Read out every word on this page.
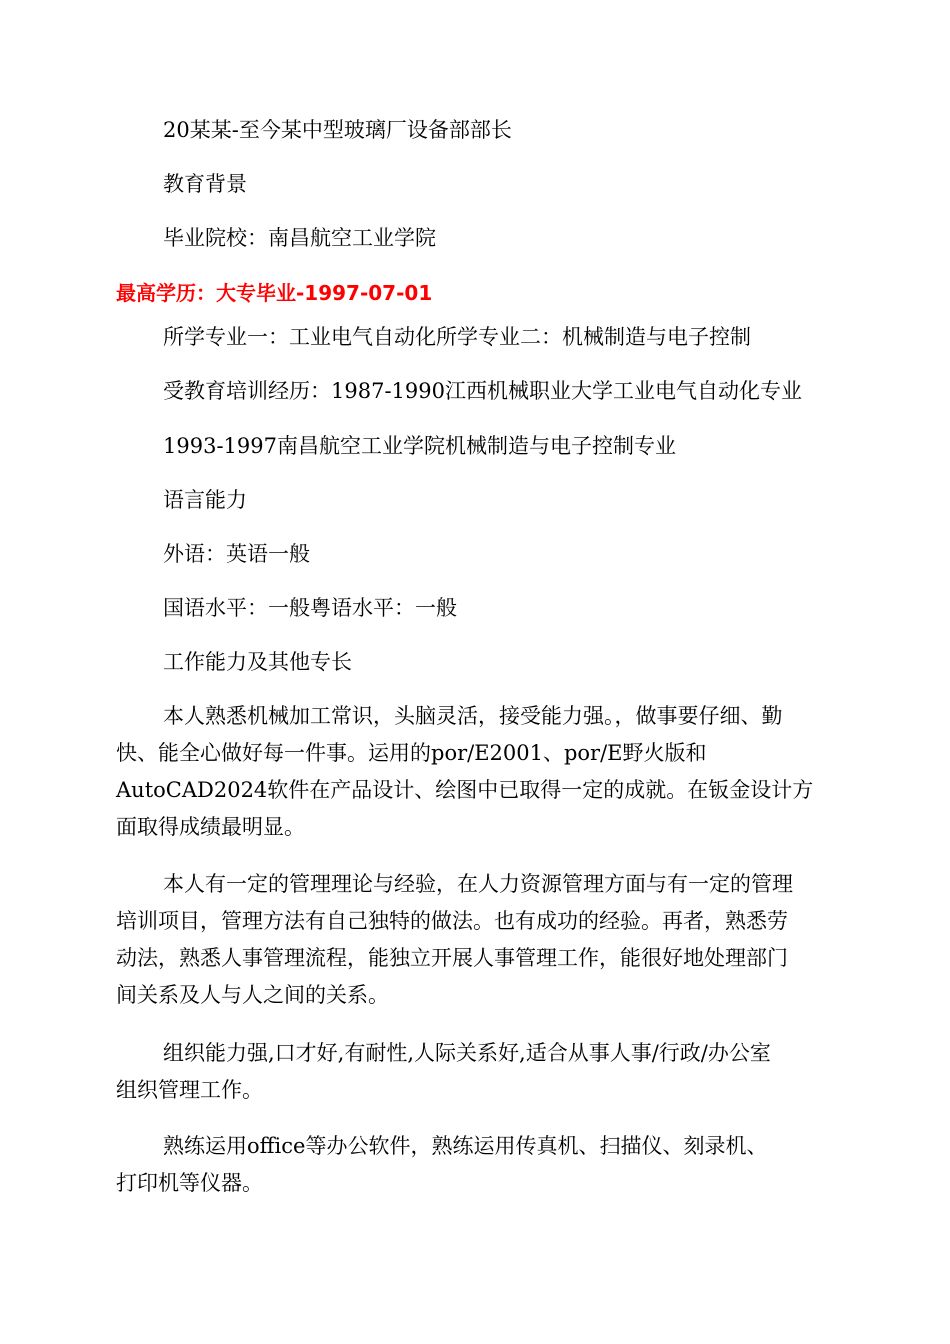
20某某-至今某中型玻璃厂设备部部长
教育背景
毕业院校：南昌航空工业学院
最高学历：大专毕业-1997-07-01
所学专业一：工业电气自动化所学专业二：机械制造与电子控制
受教育培训经历：1987-1990江西机械职业大学工业电气自动化专业
1993-1997南昌航空工业学院机械制造与电子控制专业
语言能力
外语：英语一般
国语水平：一般粤语水平：一般
工作能力及其他专长
本人熟悉机械加工常识，头脑灵活，接受能力强。，做事要仔细、勤
快、能全心做好每一件事。运用的por/E2001、por/E野火版和
AutoCAD2024软件在产品设计、绘图中已取得一定的成就。在钣金设计方
面取得成绩最明显。
本人有一定的管理理论与经验，在人力资源管理方面与有一定的管理
培训项目，管理方法有自己独特的做法。也有成功的经验。再者，熟悉劳
动法，熟悉人事管理流程，能独立开展人事管理工作，能很好地处理部门
间关系及人与人之间的关系。
组织能力强,口才好,有耐性,人际关系好,适合从事人事/行政/办公室
组织管理工作。
熟练运用office等办公软件，熟练运用传真机、扫描仪、刻录机、
打印机等仪器。
